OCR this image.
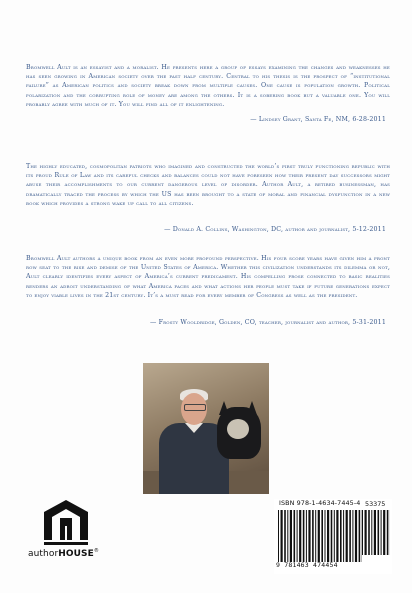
Bromwell Ault is an essayist and a moralist. He presents here a group of essays examining the changes and weaknesses he has seen growing in American society over the past half century. Central to his thesis is the prospect of “institutional failure” as American politics and society break down from multiple causes. One cause is population growth. Political polarization and the corrupting role of money are among the others. It is a sobering book but a valuable one. You will probably agree with much of it. You will find all of it enlightening.

— Lindsey Grant, Santa Fe, NM, 6-28-2011

The highly educated, cosmopolitan patriots who imagined and constructed the world’s first truly functioning republic with its proud Rule of Law and its careful checks and balances could not have foreseen how their present day successors might abuse their accomplishments to our current dangerous level of disorder. Author Ault, a retired businessman, has dramatically traced the process by which the US has been brought to a state of moral and financial dysfunction in a new book which provides a strong wake up call to all citizens.

— Donald A. Collins, Washington, DC, author and journalist, 5-12-2011

Bromwell Ault authors a unique book from an even more profound perspective. His four score years have given him a front row seat to the rise and demise of the United States of America. Whether this civilization understands its dilemma or not, Ault clearly identifies every aspect of America’s current predicament. His compelling prose connected to basic realities renders an adroit understanding of what America faces and what actions her people must take if future generations expect to enjoy viable lives in the 21st century. It’s a must read for every member of Congress as well as the president.

— Frosty Wooldridge, Golden, CO, teacher, journalist and author, 5-31-2011

authorHOUSE®

ISBN 978-1-4634-7445-4 53375

9 781463 474454
